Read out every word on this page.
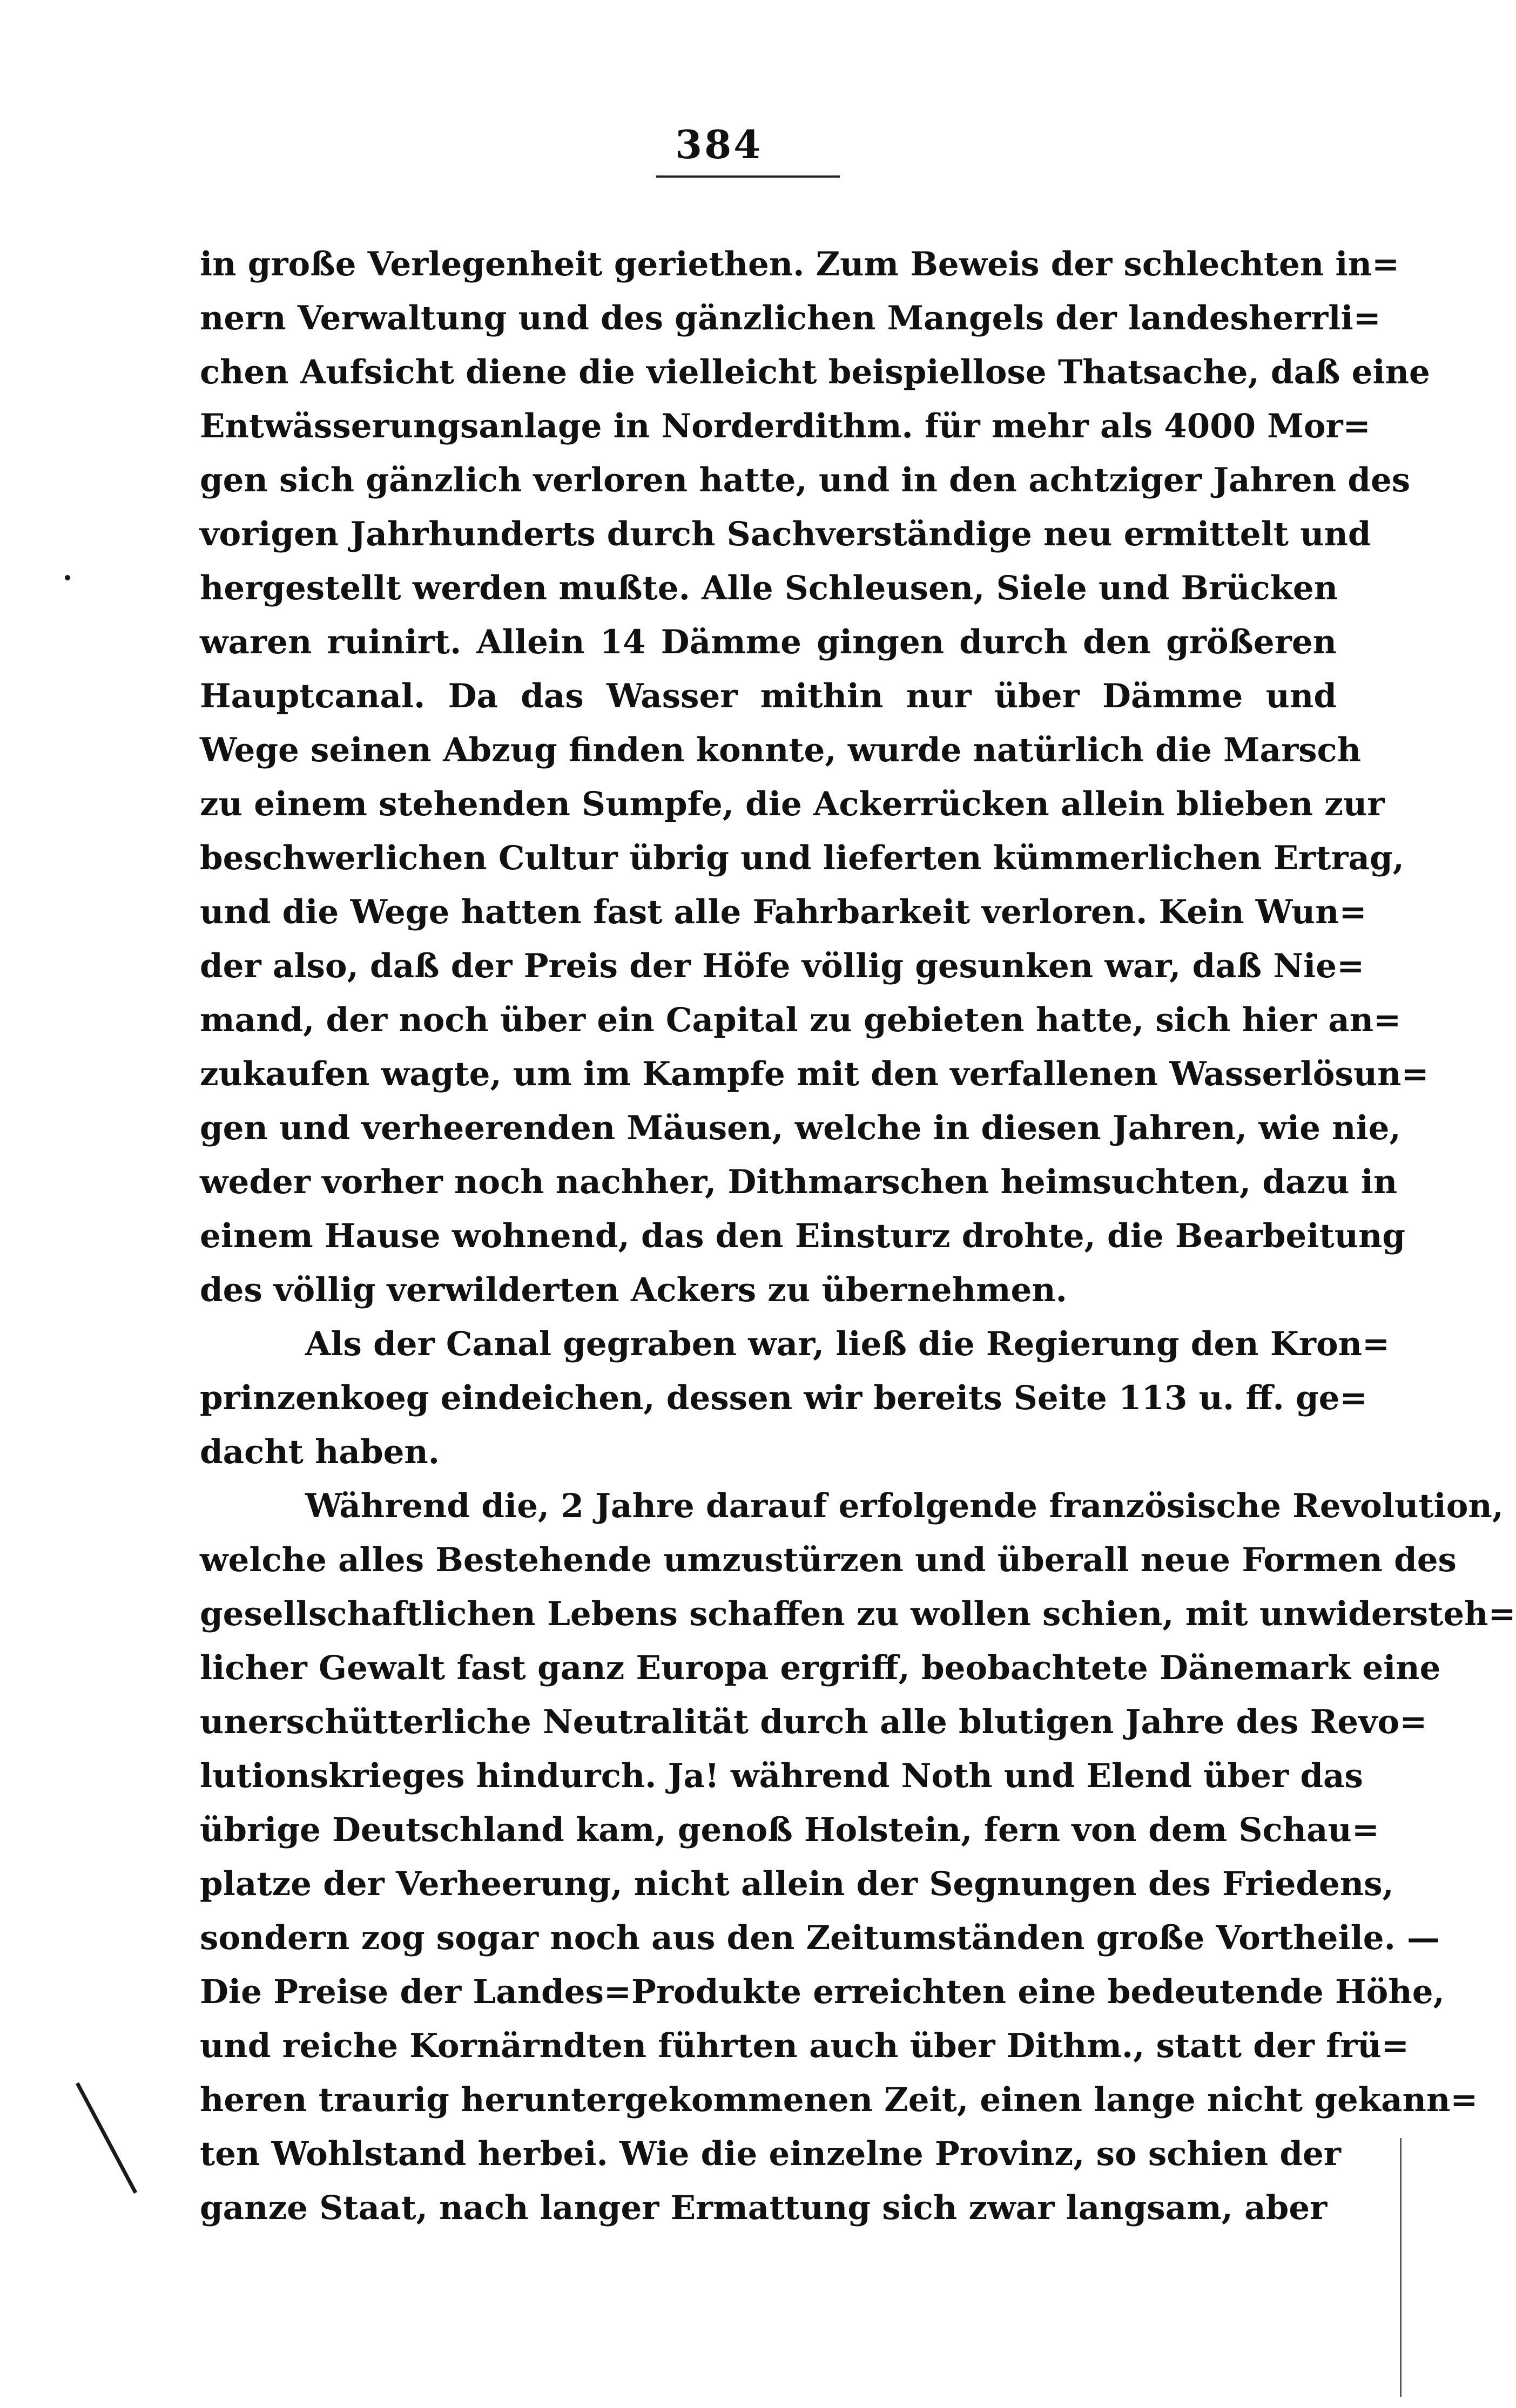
384
in große Verlegenheit geriethen. Zum Beweis der schlechten in=
nern Verwaltung und des gänzlichen Mangels der landesherrli=
chen Aufsicht diene die vielleicht beispiellose Thatsache, daß eine
Entwässerungsanlage in Norderdithm. für mehr als 4000 Mor=
gen sich gänzlich verloren hatte, und in den achtziger Jahren des
vorigen Jahrhunderts durch Sachverständige neu ermittelt und
hergestellt werden mußte. Alle Schleusen, Siele und Brücken
waren ruinirt. Allein 14 Dämme gingen durch den größeren
Hauptcanal. Da das Wasser mithin nur über Dämme und
Wege seinen Abzug finden konnte, wurde natürlich die Marsch
zu einem stehenden Sumpfe, die Ackerrücken allein blieben zur
beschwerlichen Cultur übrig und lieferten kümmerlichen Ertrag,
und die Wege hatten fast alle Fahrbarkeit verloren. Kein Wun=
der also, daß der Preis der Höfe völlig gesunken war, daß Nie=
mand, der noch über ein Capital zu gebieten hatte, sich hier an=
zukaufen wagte, um im Kampfe mit den verfallenen Wasserlösun=
gen und verheerenden Mäusen, welche in diesen Jahren, wie nie,
weder vorher noch nachher, Dithmarschen heimsuchten, dazu in
einem Hause wohnend, das den Einsturz drohte, die Bearbeitung
des völlig verwilderten Ackers zu übernehmen.
Als der Canal gegraben war, ließ die Regierung den Kron=
prinzenkoeg eindeichen, dessen wir bereits Seite 113 u. ff. ge=
dacht haben.
Während die, 2 Jahre darauf erfolgende französische Revolution,
welche alles Bestehende umzustürzen und überall neue Formen des
gesellschaftlichen Lebens schaffen zu wollen schien, mit unwidersteh=
licher Gewalt fast ganz Europa ergriff, beobachtete Dänemark eine
unerschütterliche Neutralität durch alle blutigen Jahre des Revo=
lutionskrieges hindurch. Ja! während Noth und Elend über das
übrige Deutschland kam, genoß Holstein, fern von dem Schau=
platze der Verheerung, nicht allein der Segnungen des Friedens,
sondern zog sogar noch aus den Zeitumständen große Vortheile. —
Die Preise der Landes=Produkte erreichten eine bedeutende Höhe,
und reiche Kornärndten führten auch über Dithm., statt der frü=
heren traurig heruntergekommenen Zeit, einen lange nicht gekann=
ten Wohlstand herbei. Wie die einzelne Provinz, so schien der
ganze Staat, nach langer Ermattung sich zwar langsam, aber
